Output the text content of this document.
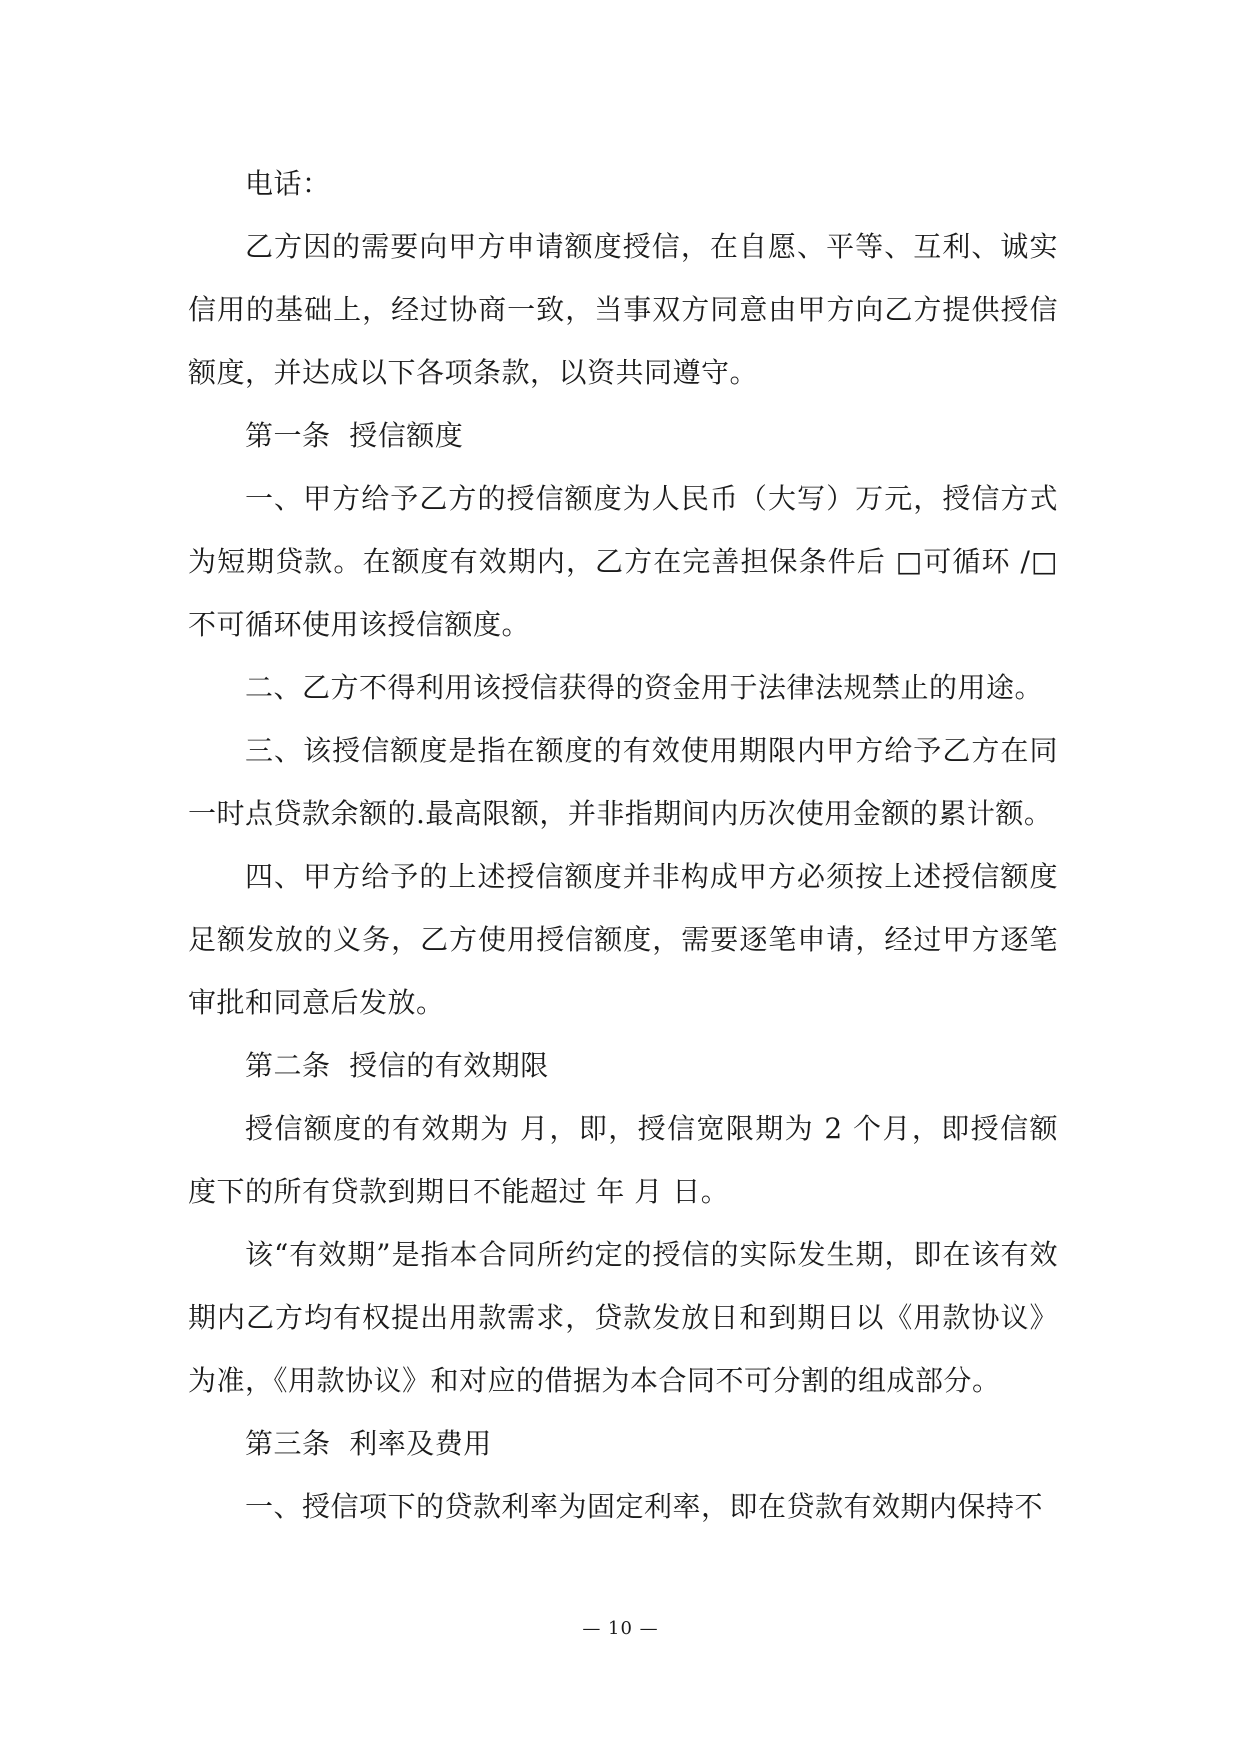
电话：

乙方因的需要向甲方申请额度授信，在自愿、平等、互利、诚实信用的基础上，经过协商一致，当事双方同意由甲方向乙方提供授信额度，并达成以下各项条款，以资共同遵守。

第一条  授信额度

一、甲方给予乙方的授信额度为人民币（大写）万元，授信方式为短期贷款。在额度有效期内，乙方在完善担保条件后 □可循环 /□不可循环使用该授信额度。

二、乙方不得利用该授信获得的资金用于法律法规禁止的用途。

三、该授信额度是指在额度的有效使用期限内甲方给予乙方在同一时点贷款余额的.最高限额，并非指期间内历次使用金额的累计额。

四、甲方给予的上述授信额度并非构成甲方必须按上述授信额度足额发放的义务，乙方使用授信额度，需要逐笔申请，经过甲方逐笔审批和同意后发放。

第二条  授信的有效期限

授信额度的有效期为 月，即，授信宽限期为 2 个月，即授信额度下的所有贷款到期日不能超过 年 月 日。

该“有效期”是指本合同所约定的授信的实际发生期，即在该有效期内乙方均有权提出用款需求，贷款发放日和到期日以《用款协议》为准，《用款协议》和对应的借据为本合同不可分割的组成部分。

第三条  利率及费用

一、授信项下的贷款利率为固定利率，即在贷款有效期内保持不

— 10 —
